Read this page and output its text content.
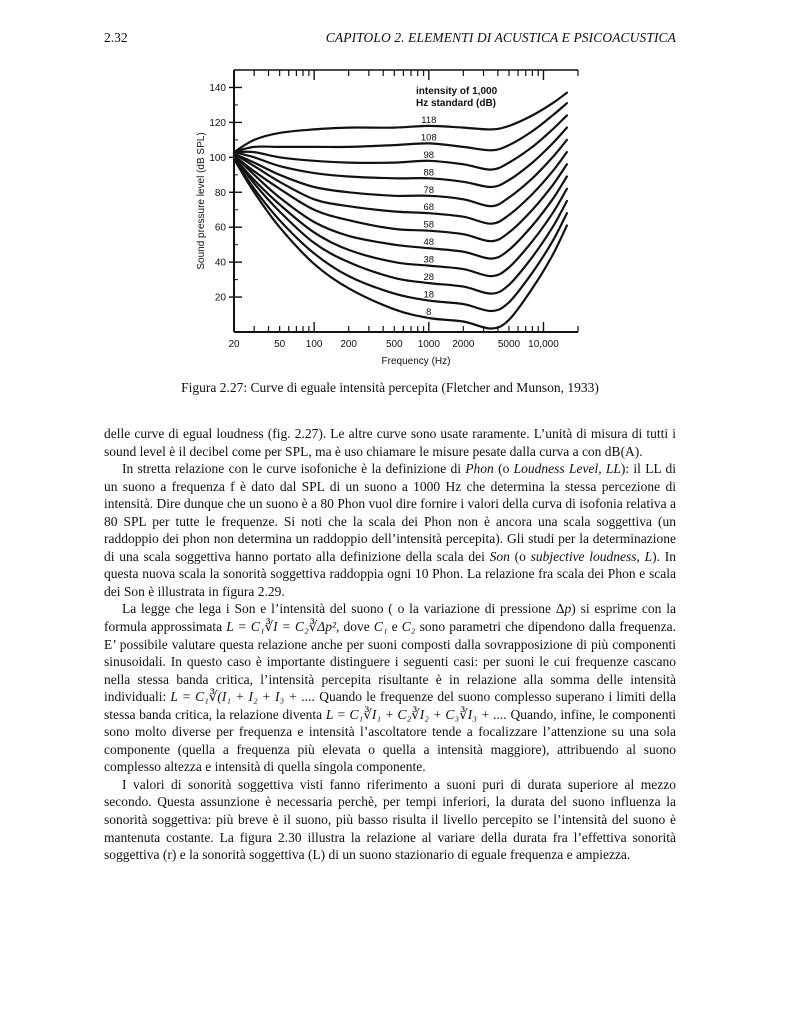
2.32	CAPITOLO 2. ELEMENTI DI ACUSTICA E PSICOACUSTICA
20
40
60
80
100
120
140
20	50 100 200	500 1000 2000 5000 10,000
Frequency (Hz)
Sound pressure level (dB SPL)
intensity of 1,000
Hz standard (dB)
118
108
98
88
78
68
58
48
38
28
18
8
Figura 2.27: Curve di eguale intensità percepita (Fletcher and Munson, 1933)

delle curve di egual loudness (fig. 2.27). Le altre curve sono usate raramente. L’unità di misura di tutti i sound level è il decibel come per SPL, ma è uso chiamare le misure pesate dalla curva a con dB(A).

In stretta relazione con le curve isofoniche è la definizione di Phon (o Loudness Level, LL): il LL di un suono a frequenza f è dato dal SPL di un suono a 1000 Hz che determina la stessa percezione di intensità. Dire dunque che un suono è a 80 Phon vuol dire fornire i valori della curva di isofonia relativa a 80 SPL per tutte le frequenze. Si noti che la scala dei Phon non è ancora una scala soggettiva (un raddoppio dei phon non determina un raddoppio dell’intensità percepita). Gli studi per la determinazione di una scala soggettiva hanno portato alla definizione della scala dei Son (o subjective loudness, L). In questa nuova scala la sonorità soggettiva raddoppia ogni 10 Phon. La relazione fra scala dei Phon e scala dei Son è illustrata in figura 2.29.

La legge che lega i Son e l’intensità del suono ( o la variazione di pressione Δp) si esprime con la formula approssimata L = C₁∛I = C₂∛Δp², dove C₁ e C₂ sono parametri che dipendono dalla frequenza. E’ possibile valutare questa relazione anche per suoni composti dalla sovrapposizione di più componenti sinusoidali. In questo caso è importante distinguere i seguenti casi: per suoni le cui frequenze cascano nella stessa banda critica, l’intensità percepita risultante è in relazione alla somma delle intensità individuali: L = C₁∛(I₁ + I₂ + I₃ + .... Quando le frequenze del suono complesso superano i limiti della stessa banda critica, la relazione diventa L = C₁∛I₁ + C₂∛I₂ + C₃∛I₃ + .... Quando, infine, le componenti sono molto diverse per frequenza e intensità l’ascoltatore tende a focalizzare l’attenzione su una sola componente (quella a frequenza più elevata o quella a intensità maggiore), attribuendo al suono complesso altezza e intensità di quella singola componente.

I valori di sonorità soggettiva visti fanno riferimento a suoni puri di durata superiore al mezzo secondo. Questa assunzione è necessaria perchè, per tempi inferiori, la durata del suono influenza la sonorità soggettiva: più breve è il suono, più basso risulta il livello percepito se l’intensità del suono è mantenuta costante. La figura 2.30 illustra la relazione al variare della durata fra l’effettiva sonorità soggettiva (r) e la sonorità soggettiva (L) di un suono stazionario di eguale frequenza e ampiezza.
